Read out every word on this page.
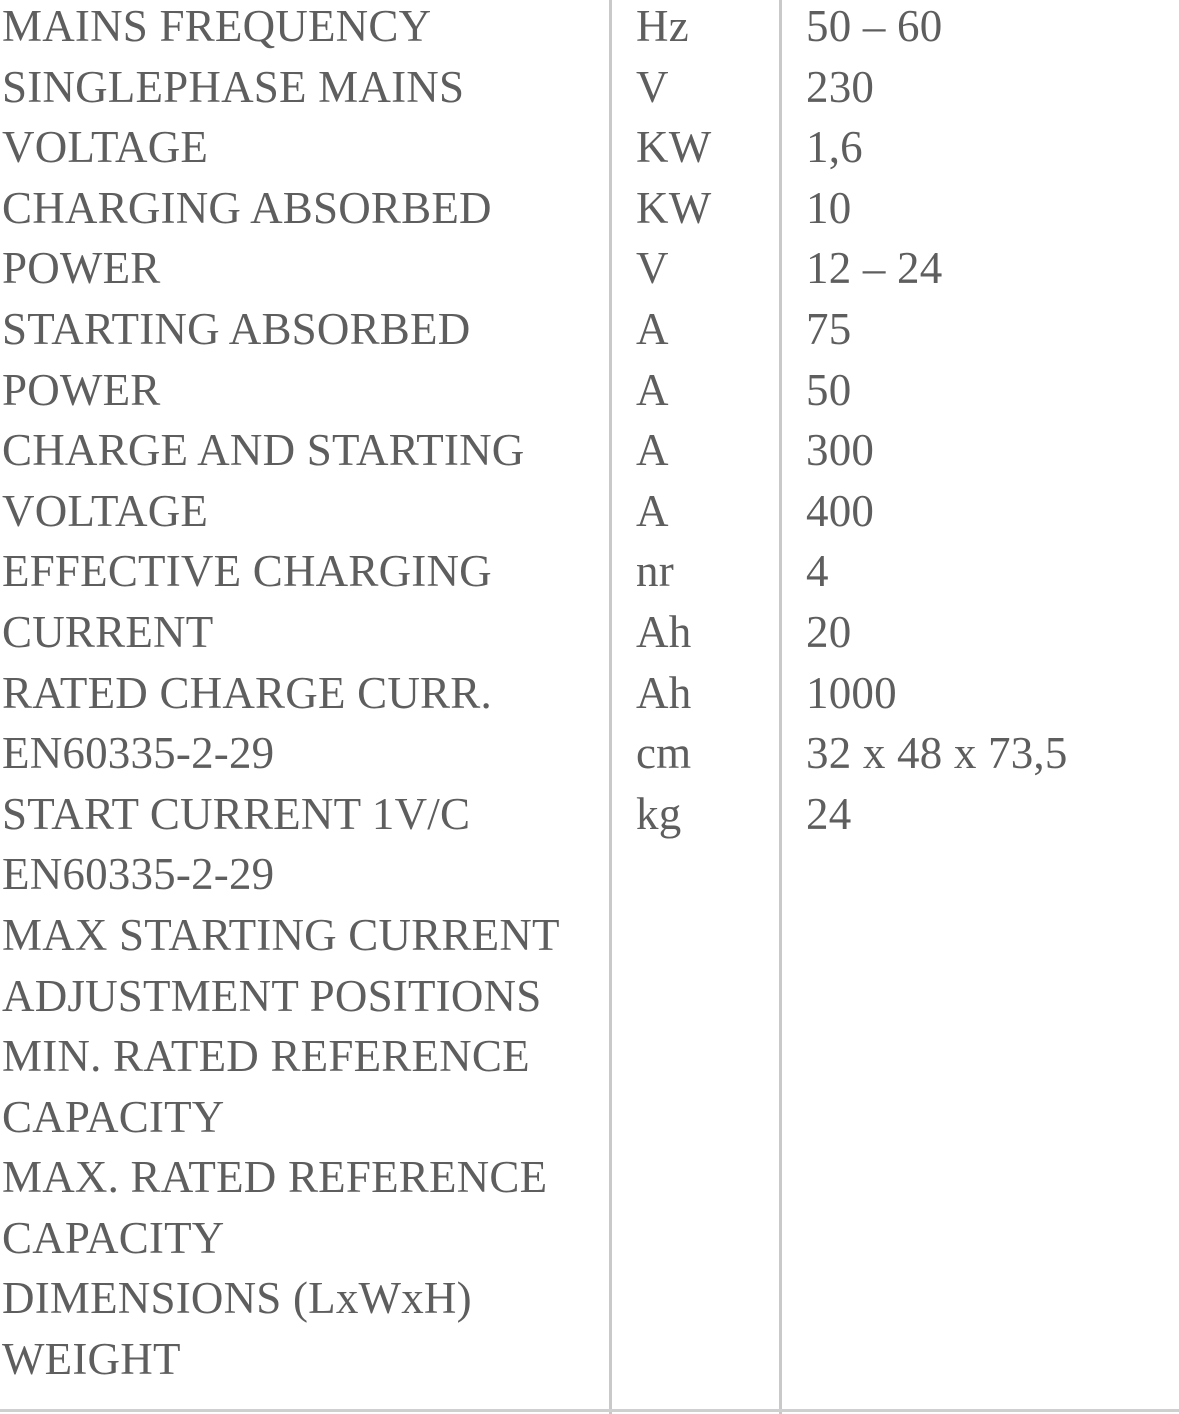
MAINS FREQUENCY
SINGLEPHASE MAINS
VOLTAGE
CHARGING ABSORBED
POWER
STARTING ABSORBED
POWER
CHARGE AND STARTING
VOLTAGE
EFFECTIVE CHARGING
CURRENT
RATED CHARGE CURR.
EN60335-2-29
START CURRENT 1V/C
EN60335-2-29
MAX STARTING CURRENT
ADJUSTMENT POSITIONS
MIN. RATED REFERENCE
CAPACITY
MAX. RATED REFERENCE
CAPACITY
DIMENSIONS (LxWxH)
WEIGHT
Hz
V
KW
KW
V
A
A
A
A
nr
Ah
Ah
cm
kg
50 – 60
230
1,6
10
12 – 24
75
50
300
400
4
20
1000
32 x 48 x 73,5
24
